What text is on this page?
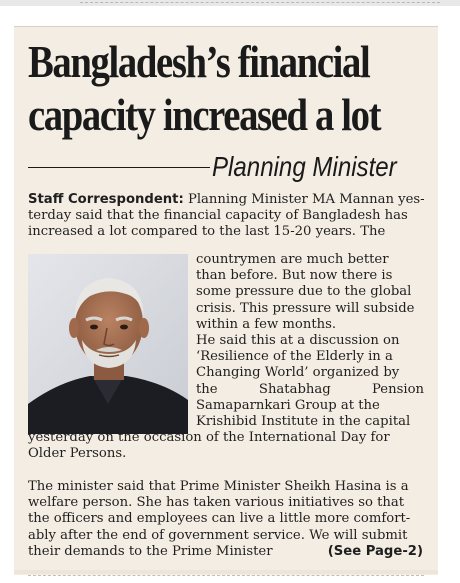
Bangladesh’s financial
capacity increased a lot
Planning Minister
Staff Correspondent: Planning Minister MA Mannan yes-
terday said that the financial capacity of Bangladesh has
increased a lot compared to the last 15-20 years. The
countrymen are much better
than before. But now there is
some pressure due to the global
crisis. This pressure will subside
within a few months.
He said this at a discussion on
‘Resilience of the Elderly in a
Changing World’ organized by
the	Shatabhag	Pension
Samaparnkari Group at the
Krishibid Institute in the capital
yesterday on the occasion of the International Day for
Older Persons.
The minister said that Prime Minister Sheikh Hasina is a
welfare person. She has taken various initiatives so that
the officers and employees can live a little more comfort-
ably after the end of government service. We will submit
their demands to the Prime Minister	(See Page-2)
